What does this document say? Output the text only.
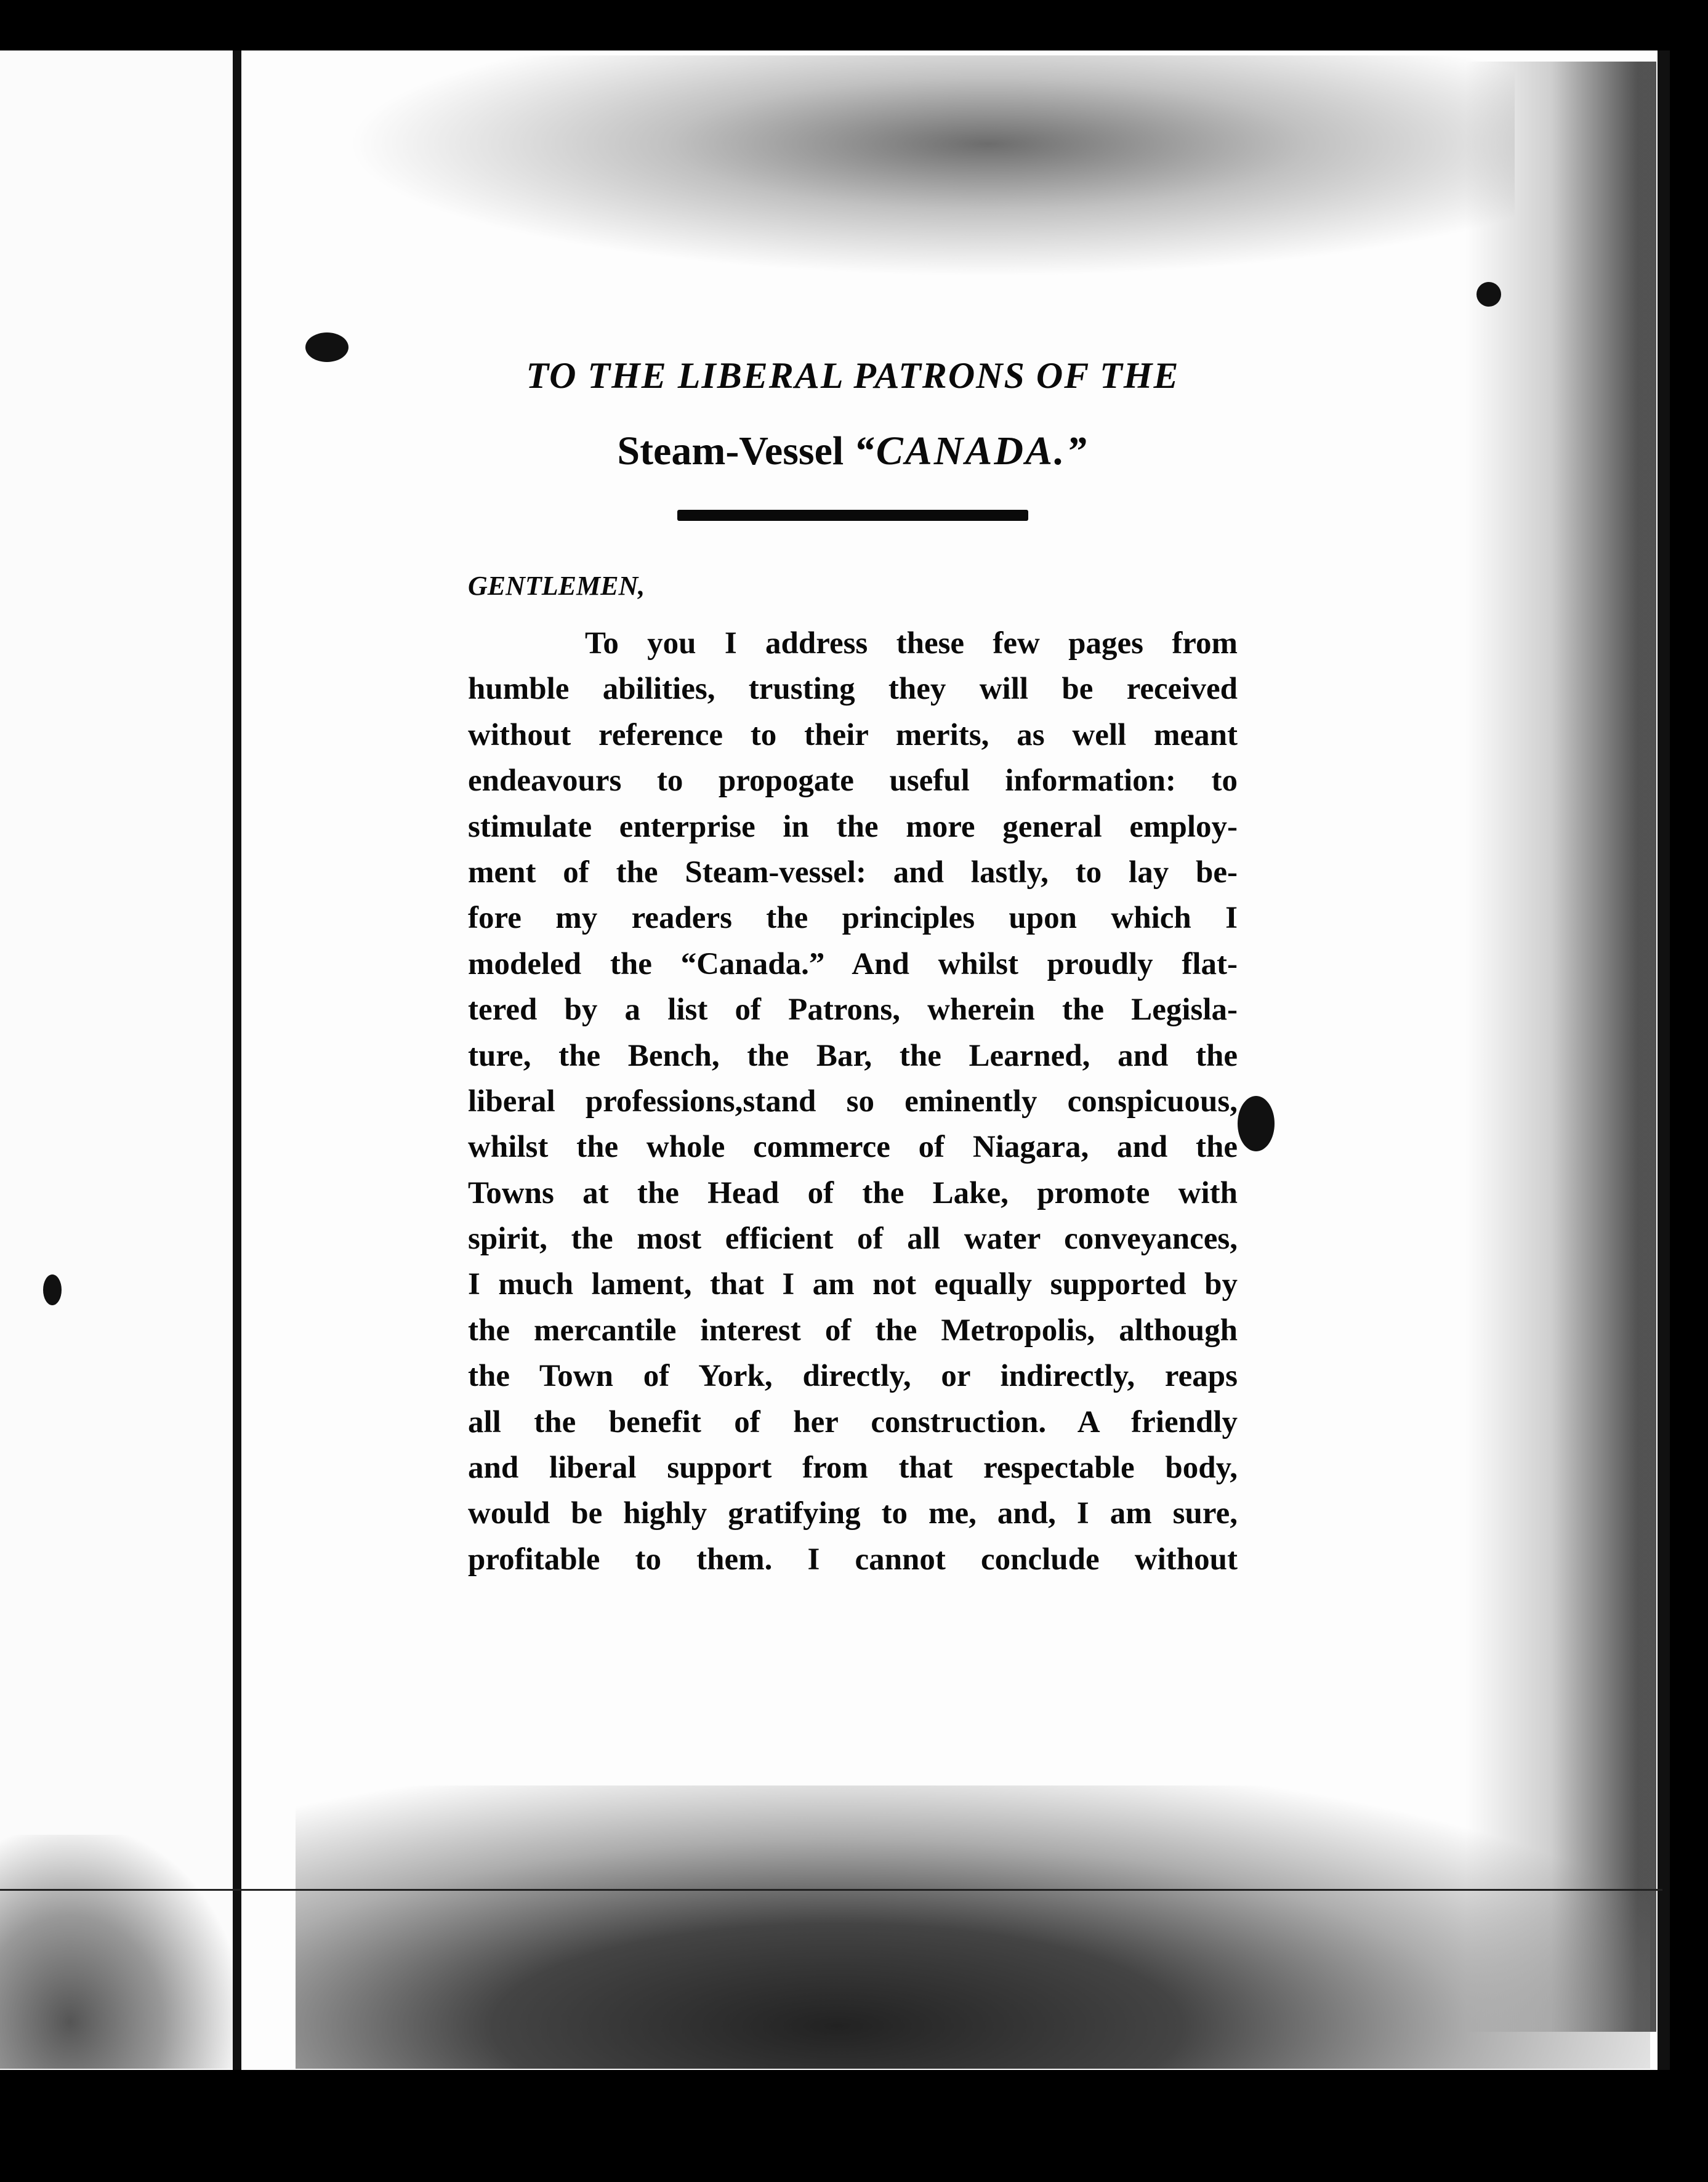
TO THE LIBERAL PATRONS OF THE
Steam-Vessel “CANADA.”
GENTLEMEN,
To you I address these few pages from
humble abilities, trusting they will be received
without reference to their merits, as well meant
endeavours to propogate useful information: to
stimulate enterprise in the more general employ-
ment of the Steam-vessel: and lastly, to lay be-
fore my readers the principles upon which I
modeled the “Canada.” And whilst proudly flat-
tered by a list of Patrons, wherein the Legisla-
ture, the Bench, the Bar, the Learned, and the
liberal professions,stand so eminently conspicuous,
whilst the whole commerce of Niagara, and the
Towns at the Head of the Lake, promote with
spirit, the most efficient of all water conveyances,
I much lament, that I am not equally supported by
the mercantile interest of the Metropolis, although
the Town of York, directly, or indirectly, reaps
all the benefit of her construction. A friendly
and liberal support from that respectable body,
would be highly gratifying to me, and, I am sure,
profitable to them. I cannot conclude without
